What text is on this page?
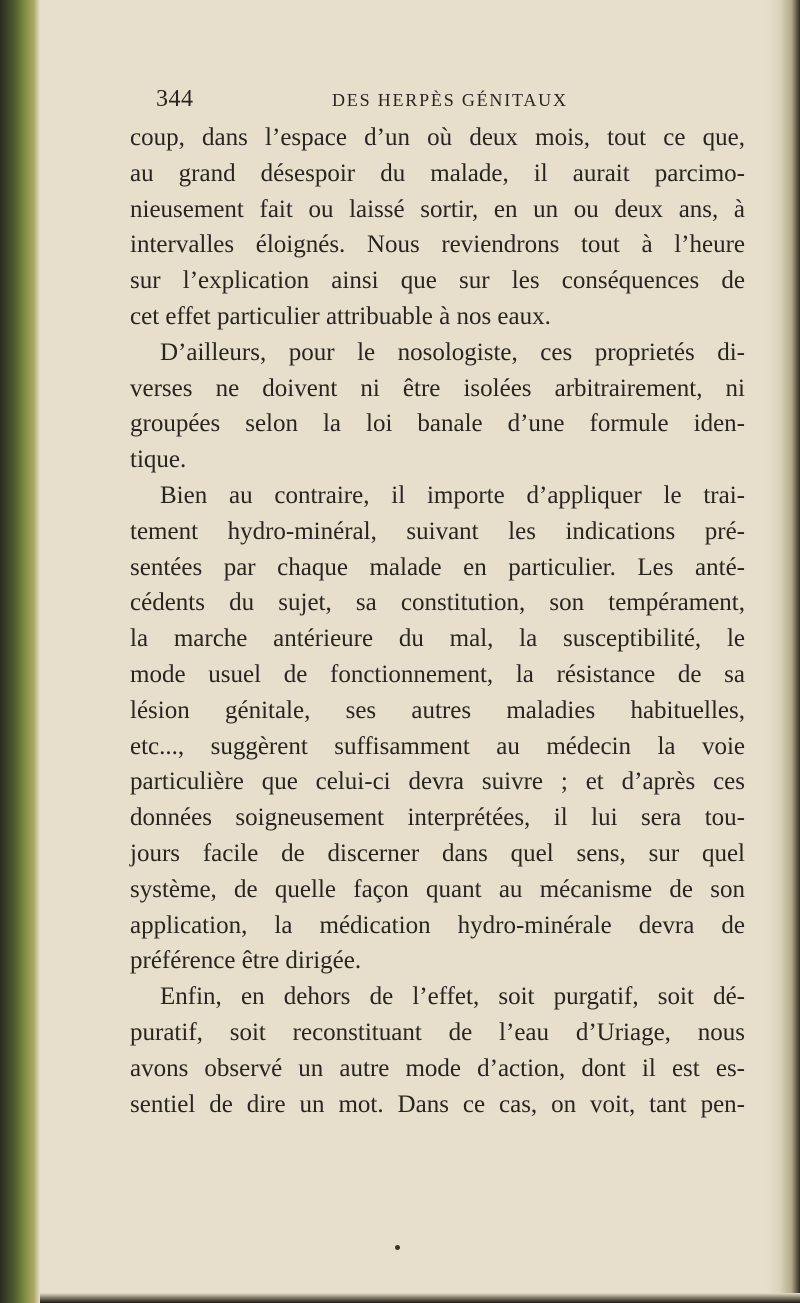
344	DES HERPÈS GÉNITAUX
coup, dans l’espace d’un où deux mois, tout ce que,
au grand désespoir du malade, il aurait parcimo-
nieusement fait ou laissé sortir, en un ou deux ans, à
intervalles éloignés. Nous reviendrons tout à l’heure
sur l’explication ainsi que sur les conséquences de
cet effet particulier attribuable à nos eaux.
D’ailleurs, pour le nosologiste, ces proprietés di-
verses ne doivent ni être isolées arbitrairement, ni
groupées selon la loi banale d’une formule iden-
tique.
Bien au contraire, il importe d’appliquer le trai-
tement hydro-minéral, suivant les indications pré-
sentées par chaque malade en particulier. Les anté-
cédents du sujet, sa constitution, son tempérament,
la marche antérieure du mal, la susceptibilité, le
mode usuel de fonctionnement, la résistance de sa
lésion génitale, ses autres maladies habituelles,
etc..., suggèrent suffisamment au médecin la voie
particulière que celui-ci devra suivre ; et d’après ces
données soigneusement interprétées, il lui sera tou-
jours facile de discerner dans quel sens, sur quel
système, de quelle façon quant au mécanisme de son
application, la médication hydro-minérale devra de
préférence être dirigée.
Enfin, en dehors de l’effet, soit purgatif, soit dé-
puratif, soit reconstituant de l’eau d’Uriage, nous
avons observé un autre mode d’action, dont il est es-
sentiel de dire un mot. Dans ce cas, on voit, tant pen-
